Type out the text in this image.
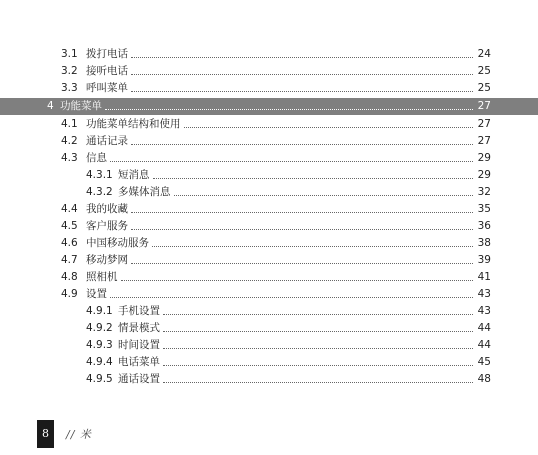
3.1 拨打电话	24
3.2 接听电话	25
3.3 呼叫菜单	25
4 功能菜单	27
4.1 功能菜单结构和使用	27
4.2 通话记录	27
4.3 信息	29
4.3.1 短消息	29
4.3.2 多媒体消息	32
4.4 我的收藏	35
4.5 客户服务	36
4.6 中国移动服务	38
4.7 移动梦网	39
4.8 照相机	41
4.9 设置	43
4.9.1 手机设置	43
4.9.2 情景模式	44
4.9.3 时间设置	44
4.9.4 电话菜单	45
4.9.5 通话设置	48
8	// 米
